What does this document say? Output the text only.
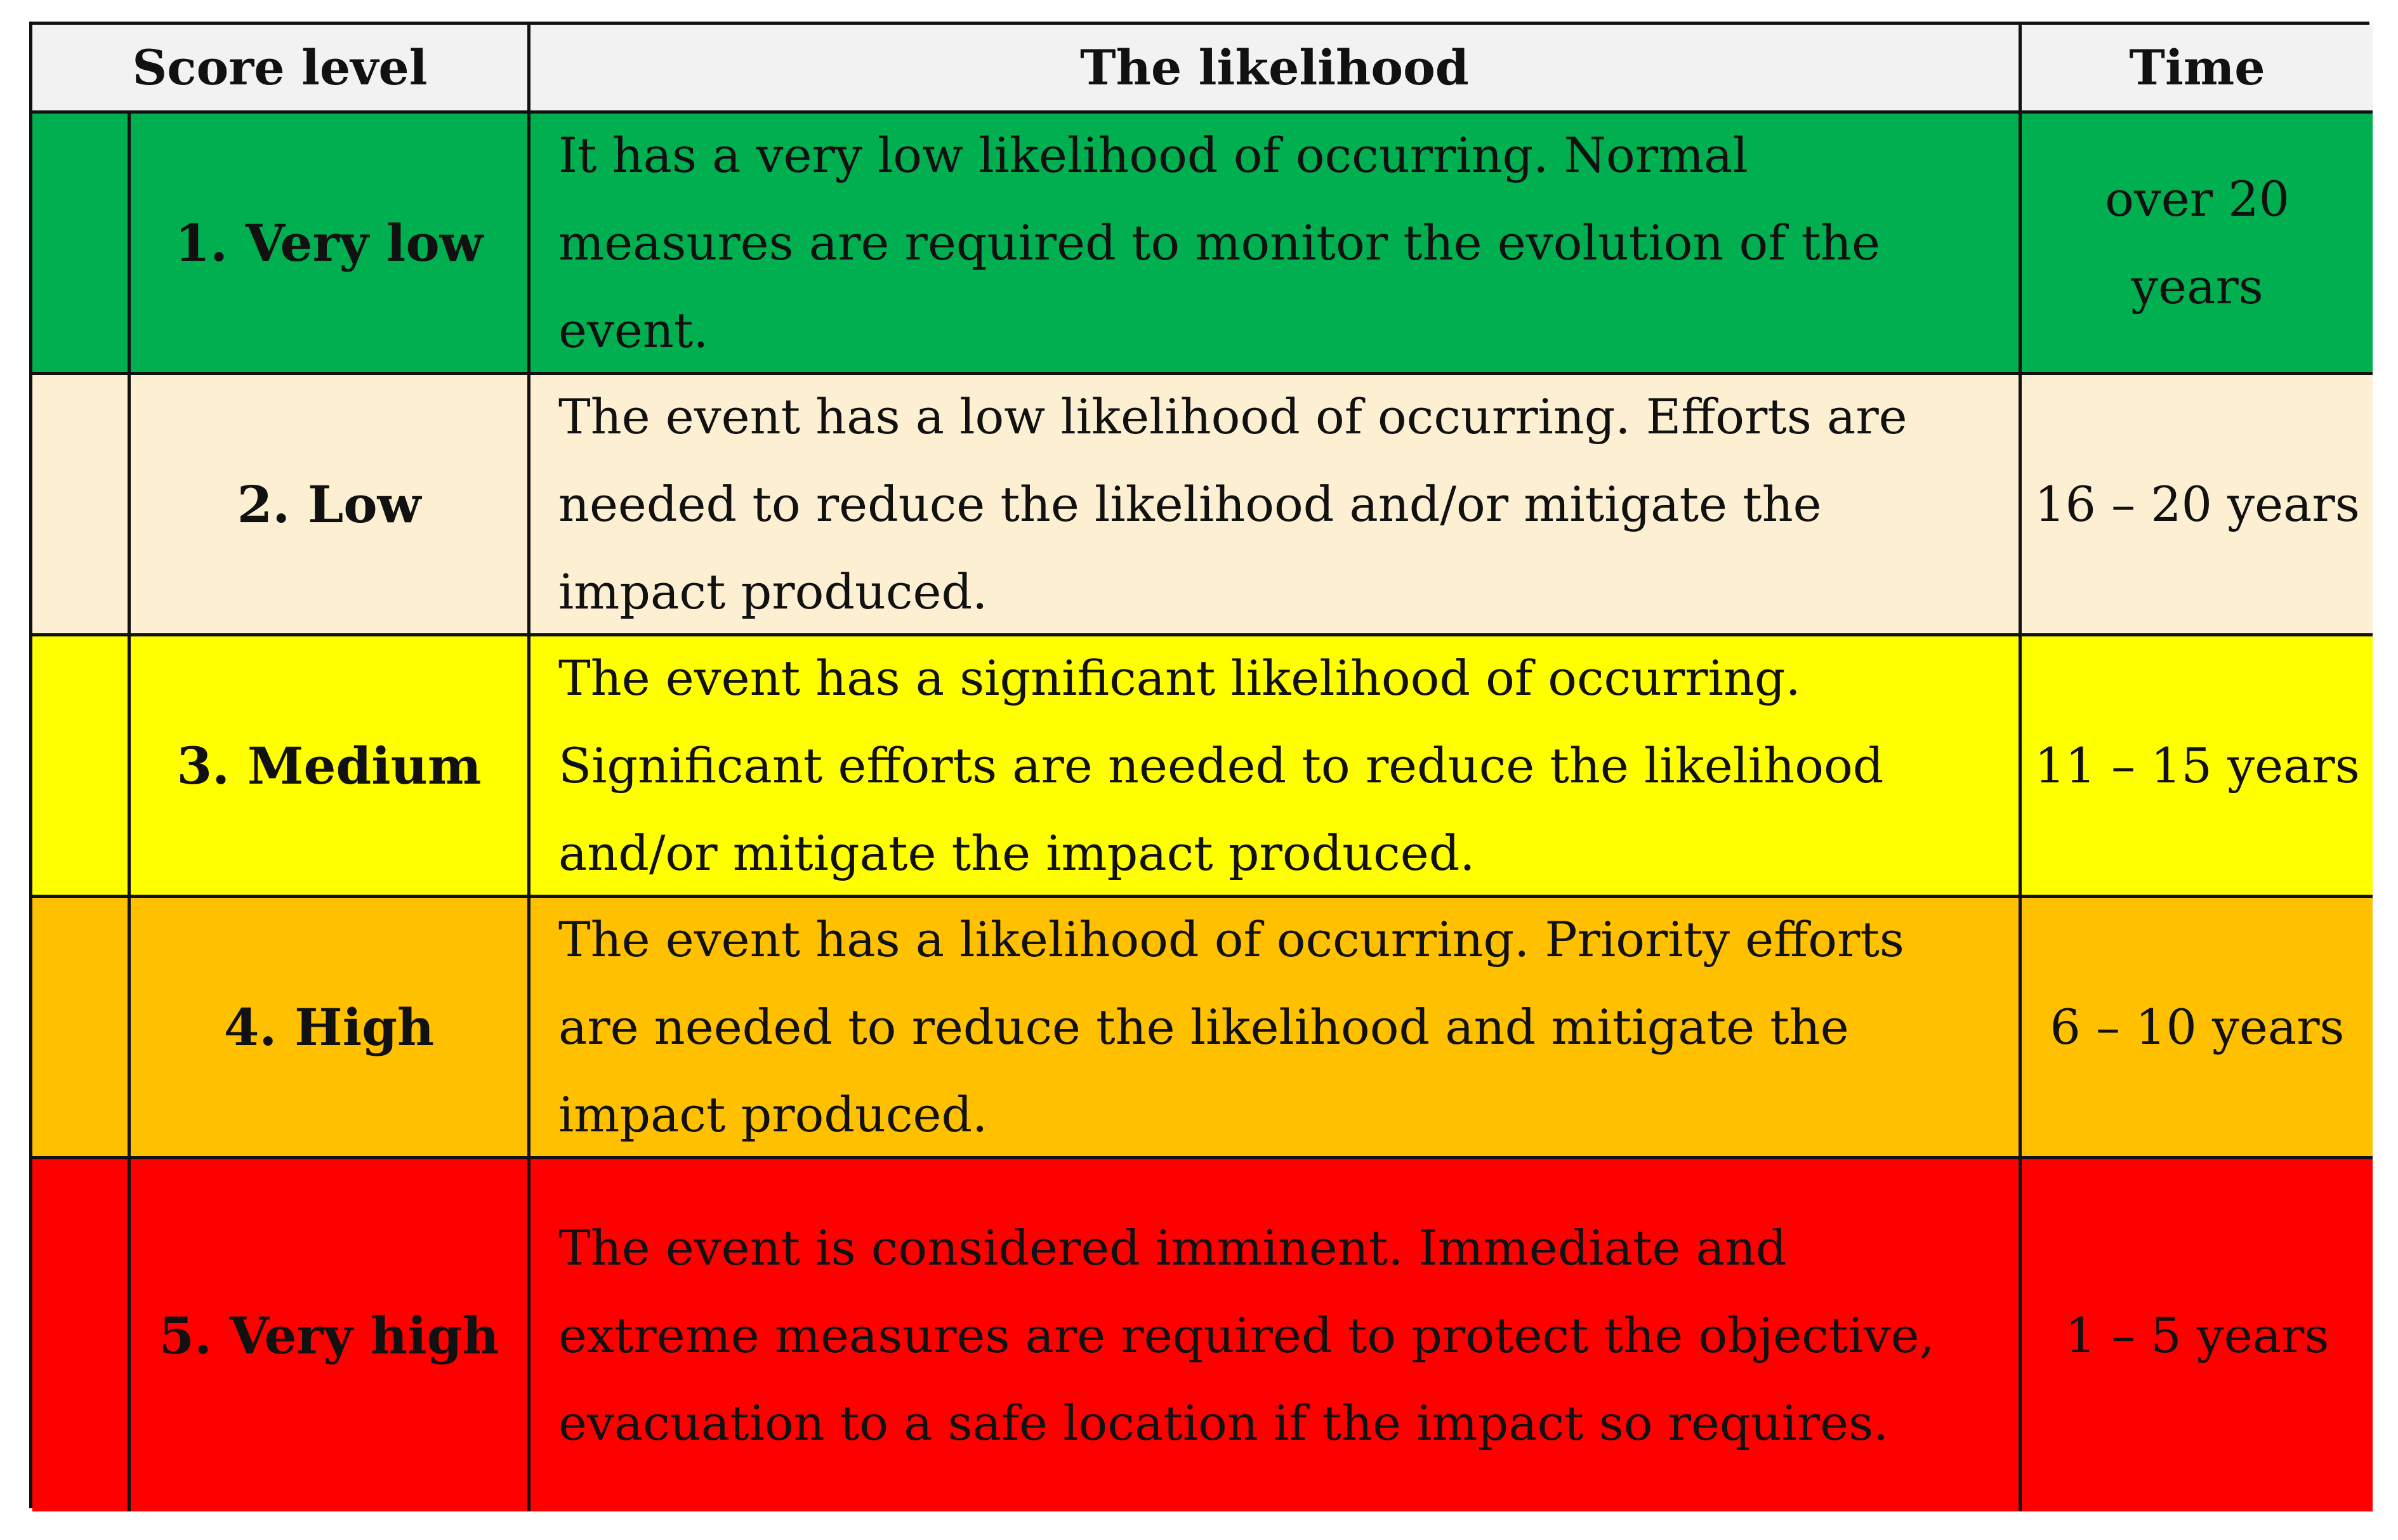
Score level	The likelihood	Time
1. Very low
It has a very low likelihood of occurring. Normal measures are required to monitor the evolution of the event.
over 20 years
2. Low
The event has a low likelihood of occurring. Efforts are needed to reduce the likelihood and/or mitigate the impact produced.
16 – 20 years
3. Medium
The event has a significant likelihood of occurring. Significant efforts are needed to reduce the likelihood and/or mitigate the impact produced.
11 – 15 years
4. High
The event has a likelihood of occurring. Priority efforts are needed to reduce the likelihood and mitigate the impact produced.
6 – 10 years
5. Very high
The event is considered imminent. Immediate and extreme measures are required to protect the objective, evacuation to a safe location if the impact so requires.
1 – 5 years
